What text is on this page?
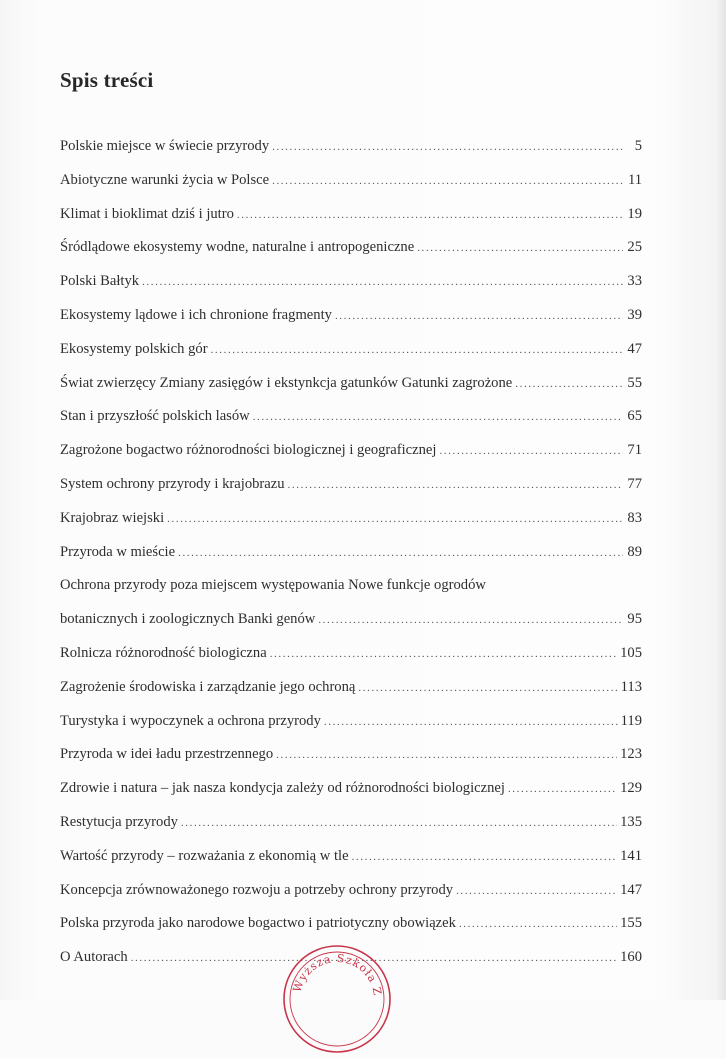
Spis treści
Polskie miejsce w świecie przyrody .....	5
Abiotyczne warunki życia w Polsce .....	11
Klimat i bioklimat dziś i jutro .....	19
Śródlądowe ekosystemy wodne, naturalne i antropogeniczne .....	25
Polski Bałtyk .....	33
Ekosystemy lądowe i ich chronione fragmenty .....	39
Ekosystemy polskich gór .....	47
Świat zwierzęcy Zmiany zasięgów i ekstynkcja gatunków Gatunki zagrożone .....	55
Stan i przyszłość polskich lasów .....	65
Zagrożone bogactwo różnorodności biologicznej i geograficznej .....	71
System ochrony przyrody i krajobrazu .....	77
Krajobraz wiejski .....	83
Przyroda w mieście .....	89
Ochrona przyrody poza miejscem występowania Nowe funkcje ogrodów
botanicznych i zoologicznych Banki genów .....	95
Rolnicza różnorodność biologiczna .....	105
Zagrożenie środowiska i zarządzanie jego ochroną .....	113
Turystyka i wypoczynek a ochrona przyrody .....	119
Przyroda w idei ładu przestrzennego .....	123
Zdrowie i natura – jak nasza kondycja zależy od różnorodności biologicznej .....	129
Restytucja przyrody .....	135
Wartość przyrody – rozważania z ekonomią w tle .....	141
Koncepcja zrównoważonego rozwoju a potrzeby ochrony przyrody .....	147
Polska przyroda jako narodowe bogactwo i patriotyczny obowiązek .....	155
O Autorach .....	160
Wyższa Szkoła Z
